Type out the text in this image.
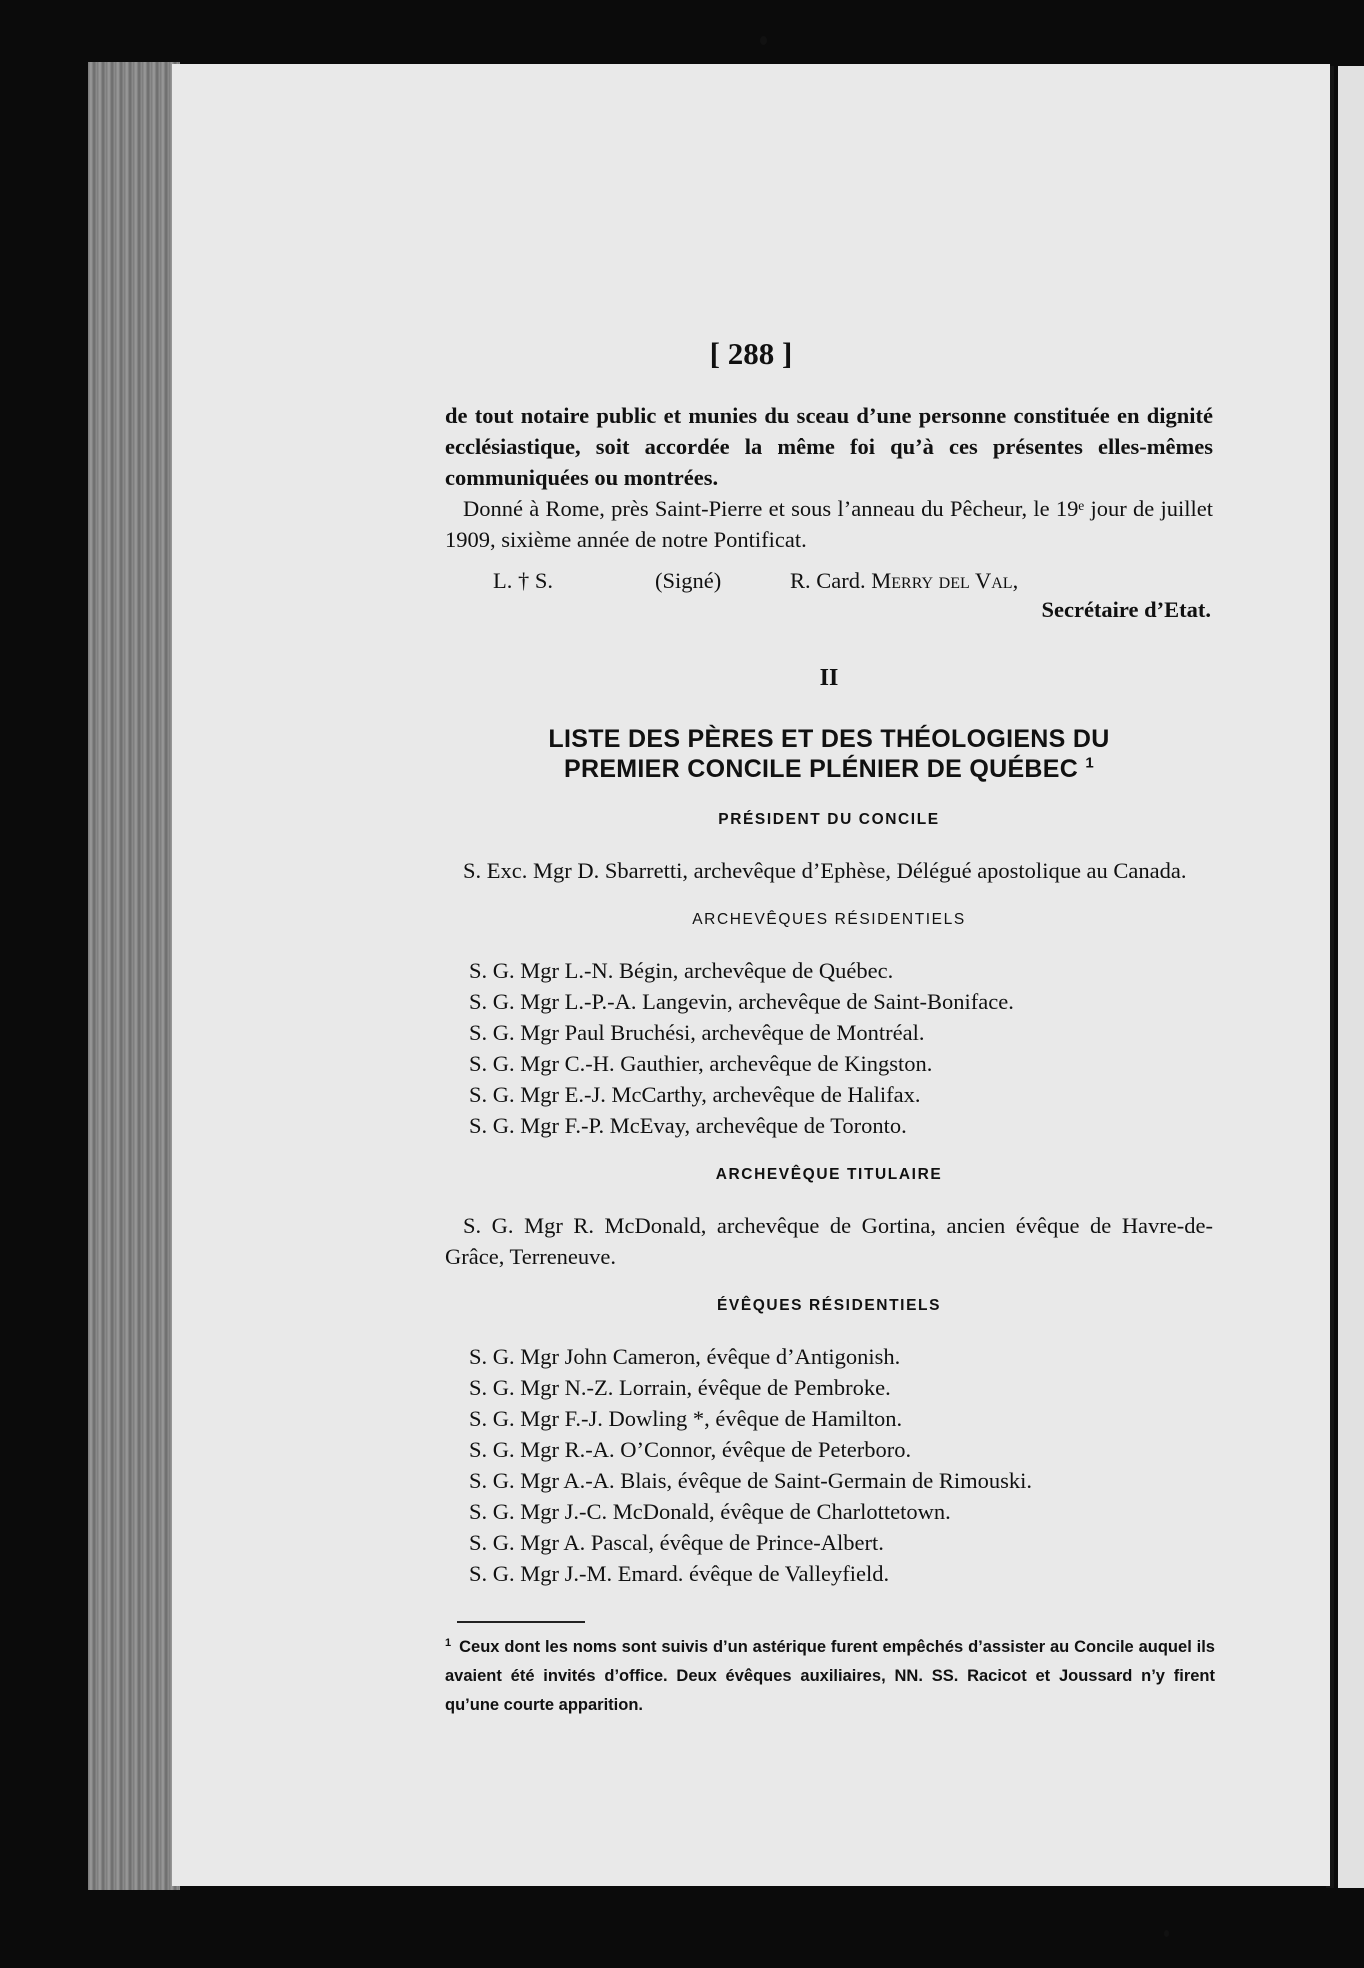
[ 288 ]

de tout notaire public et munies du sceau d’une personne constituée en dignité ecclésiastique, soit accordée la même foi qu’à ces présentes elles-mêmes communiquées ou montrées.

Donné à Rome, près Saint-Pierre et sous l’anneau du Pêcheur, le 19ᵉ jour de juillet 1909, sixième année de notre Pontificat.

L. † S.	(Signé)	R. Card. Merry del Val,
Secrétaire d’Etat.
II
LISTE DES PÈRES ET DES THÉOLOGIENS DU
PREMIER CONCILE PLÉNIER DE QUÉBEC $^1$
PRÉSIDENT DU CONCILE

S. Exc. Mgr D. Sbarretti, archevêque d’Ephèse, Délégué apostolique au Canada.

ARCHEVÊQUES RÉSIDENTIELS
S. G. Mgr L.-N. Bégin, archevêque de Québec.
S. G. Mgr L.-P.-A. Langevin, archevêque de Saint-Boniface.
S. G. Mgr Paul Bruchési, archevêque de Montréal.
S. G. Mgr C.-H. Gauthier, archevêque de Kingston.
S. G. Mgr E.-J. McCarthy, archevêque de Halifax.
S. G. Mgr F.-P. McEvay, archevêque de Toronto.
ARCHEVÊQUE TITULAIRE

S. G. Mgr R. McDonald, archevêque de Gortina, ancien évêque de Havre-de-Grâce, Terreneuve.

ÉVÊQUES RÉSIDENTIELS
S. G. Mgr John Cameron, évêque d’Antigonish.
S. G. Mgr N.-Z. Lorrain, évêque de Pembroke.
S. G. Mgr F.-J. Dowling *, évêque de Hamilton.
S. G. Mgr R.-A. O’Connor, évêque de Peterboro.
S. G. Mgr A.-A. Blais, évêque de Saint-Germain de Rimouski.
S. G. Mgr J.-C. McDonald, évêque de Charlottetown.
S. G. Mgr A. Pascal, évêque de Prince-Albert.
S. G. Mgr J.-M. Emard. évêque de Valleyfield.
$^1$ Ceux dont les noms sont suivis d’un astérique furent empêchés d’assister au Concile auquel ils avaient été invités d’office. Deux évêques auxiliaires, NN. SS. Racicot et Joussard n’y firent qu’une courte apparition.
